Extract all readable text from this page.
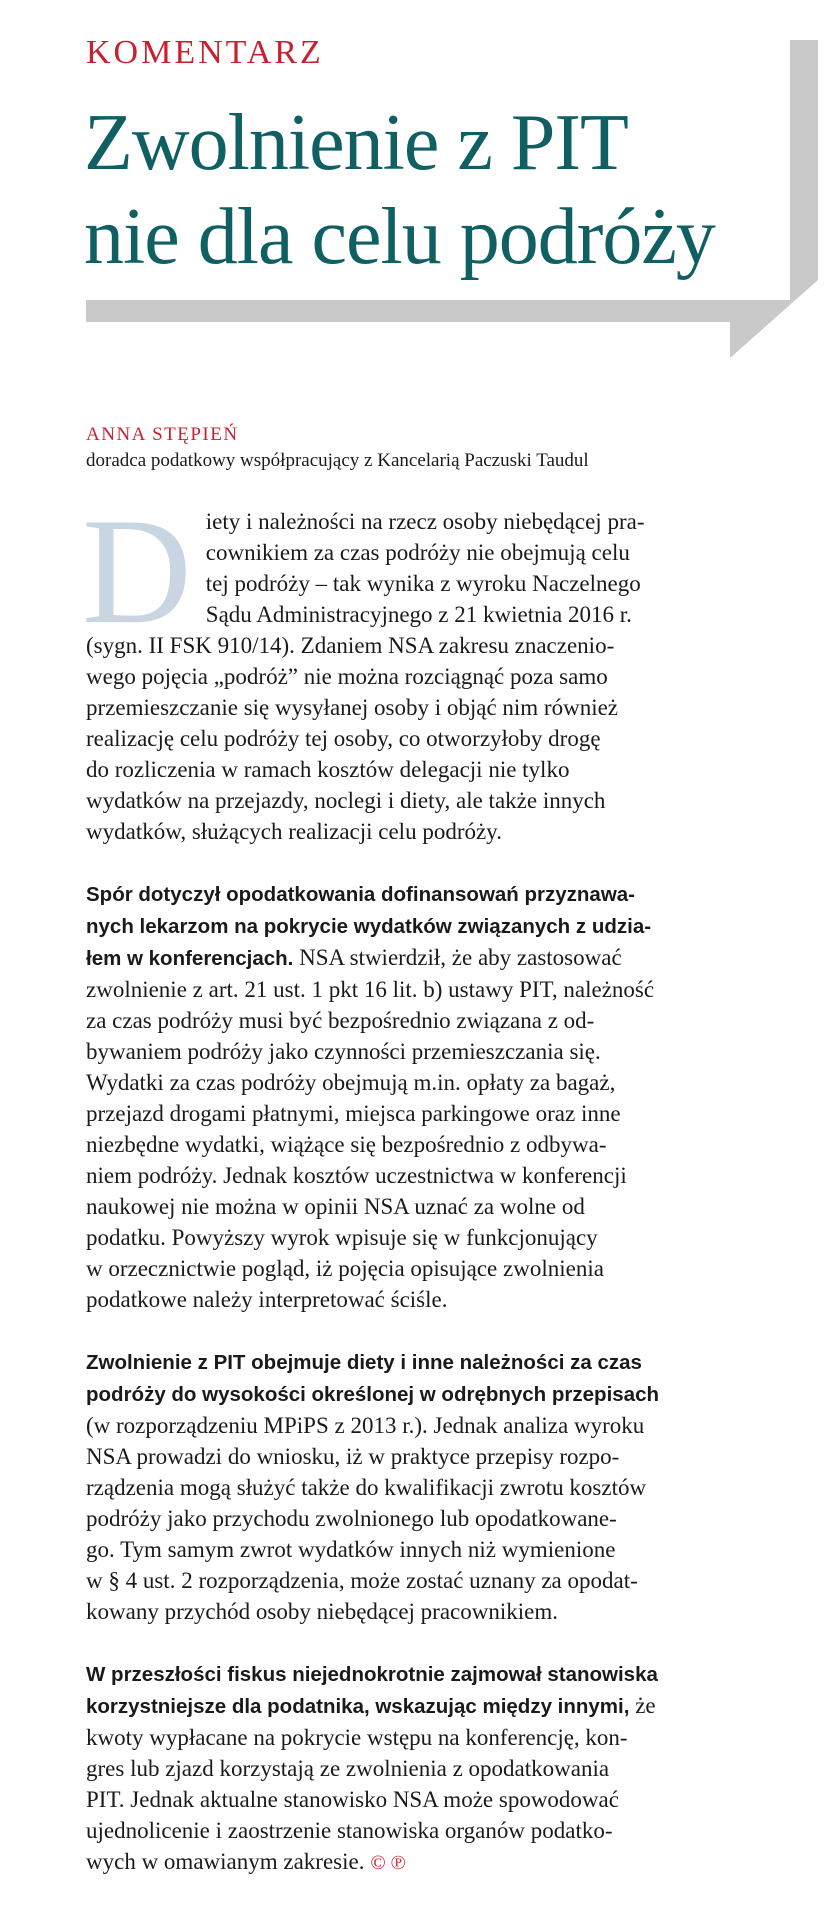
KOMENTARZ
Zwolnienie z PIT
nie dla celu podróży
ANNA STĘPIEŃ
doradca podatkowy współpracujący z Kancelarią Paczuski Taudul

D iety i należności na rzecz osoby niebędącej pra-
cownikiem za czas podróży nie obejmują celu
tej podróży – tak wynika z wyroku Naczelnego
Sądu Administracyjnego z 21 kwietnia 2016 r.
(sygn. II FSK 910/14). Zdaniem NSA zakresu znaczenio-
wego pojęcia „podróż” nie można rozciągnąć poza samo
przemieszczanie się wysyłanej osoby i objąć nim również
realizację celu podróży tej osoby, co otworzyłoby drogę
do rozliczenia w ramach kosztów delegacji nie tylko
wydatków na przejazdy, noclegi i diety, ale także innych
wydatków, służących realizacji celu podróży.

Spór dotyczył opodatkowania dofinansowań przyznawa-
nych lekarzom na pokrycie wydatków związanych z udzia-
łem w konferencjach. NSA stwierdził, że aby zastosować
zwolnienie z art. 21 ust. 1 pkt 16 lit. b) ustawy PIT, należność
za czas podróży musi być bezpośrednio związana z od-
bywaniem podróży jako czynności przemieszczania się.
Wydatki za czas podróży obejmują m.in. opłaty za bagaż,
przejazd drogami płatnymi, miejsca parkingowe oraz inne
niezbędne wydatki, wiążące się bezpośrednio z odbywa-
niem podróży. Jednak kosztów uczestnictwa w konferencji
naukowej nie można w opinii NSA uznać za wolne od
podatku. Powyższy wyrok wpisuje się w funkcjonujący
w orzecznictwie pogląd, iż pojęcia opisujące zwolnienia
podatkowe należy interpretować ściśle.

Zwolnienie z PIT obejmuje diety i inne należności za czas
podróży do wysokości określonej w odrębnych przepisach
(w rozporządzeniu MPiPS z 2013 r.). Jednak analiza wyroku
NSA prowadzi do wniosku, iż w praktyce przepisy rozpo-
rządzenia mogą służyć także do kwalifikacji zwrotu kosztów
podróży jako przychodu zwolnionego lub opodatkowane-
go. Tym samym zwrot wydatków innych niż wymienione
w § 4 ust. 2 rozporządzenia, może zostać uznany za opodat-
kowany przychód osoby niebędącej pracownikiem.

W przeszłości fiskus niejednokrotnie zajmował stanowiska
korzystniejsze dla podatnika, wskazując między innymi, że
kwoty wypłacane na pokrycie wstępu na konferencję, kon-
gres lub zjazd korzystają ze zwolnienia z opodatkowania
PIT. Jednak aktualne stanowisko NSA może spowodować
ujednolicenie i zaostrzenie stanowiska organów podatko-
wych w omawianym zakresie. © ℗
